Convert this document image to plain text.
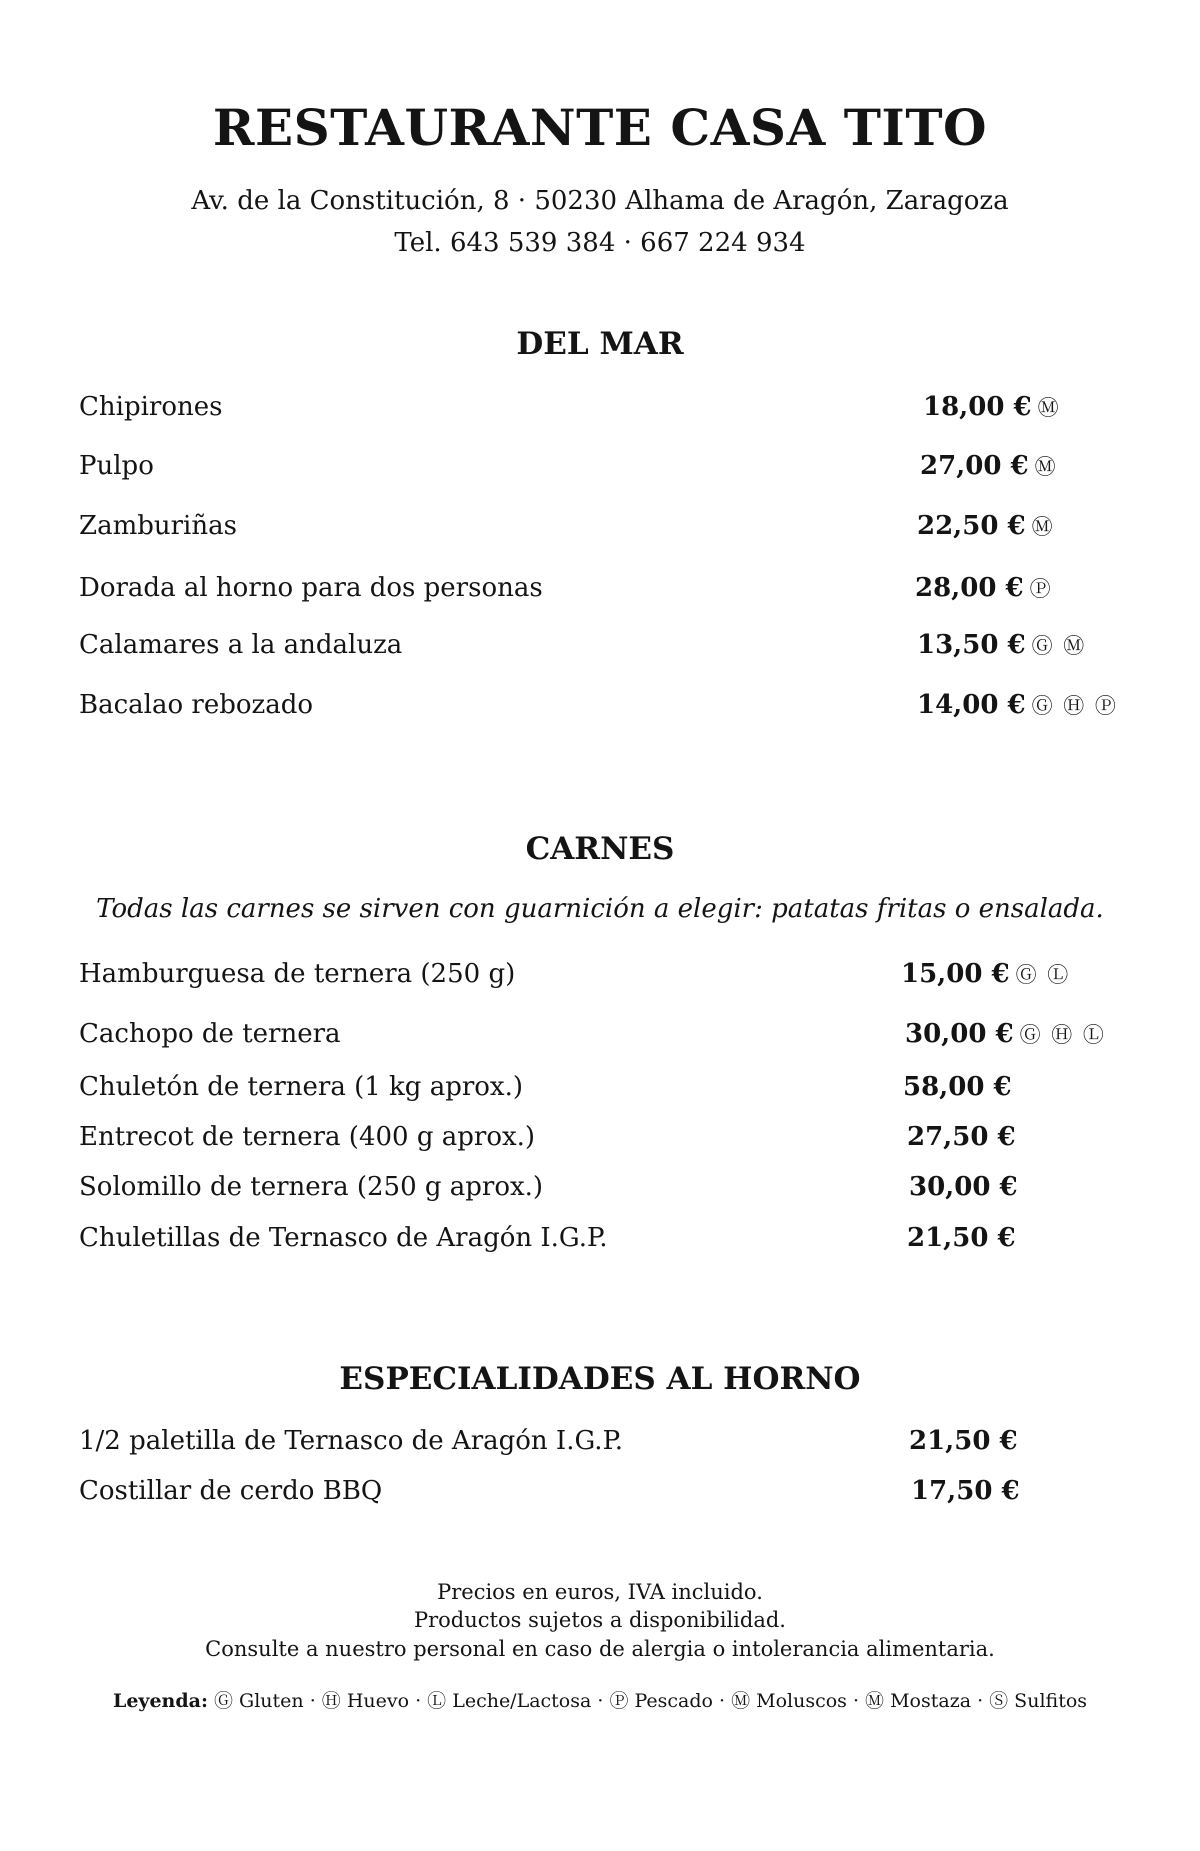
RESTAURANTE CASA TITO
Av. de la Constitución, 8 · 50230 Alhama de Aragón, Zaragoza
Tel. 643 539 384 · 667 224 934
DEL MAR
Chipirones	18,00 € Ⓜ
Pulpo	27,00 € Ⓜ
Zamburiñas	22,50 € Ⓜ
Dorada al horno para dos personas	28,00 € Ⓟ
Calamares a la andaluza	13,50 € Ⓖ Ⓜ
Bacalao rebozado	14,00 € Ⓖ Ⓗ Ⓟ
CARNES
Todas las carnes se sirven con guarnición a elegir: patatas fritas o ensalada.
Hamburguesa de ternera (250 g)	15,00 € Ⓖ Ⓛ
Cachopo de ternera	30,00 € Ⓖ Ⓗ Ⓛ
Chuletón de ternera (1 kg aprox.)	58,00 €
Entrecot de ternera (400 g aprox.)	27,50 €
Solomillo de ternera (250 g aprox.)	30,00 €
Chuletillas de Ternasco de Aragón I.G.P.	21,50 €
ESPECIALIDADES AL HORNO
1/2 paletilla de Ternasco de Aragón I.G.P.	21,50 €
Costillar de cerdo BBQ	17,50 €
Precios en euros, IVA incluido.
Productos sujetos a disponibilidad.
Consulte a nuestro personal en caso de alergia o intolerancia alimentaria.
Leyenda: Ⓖ Gluten · Ⓗ Huevo · Ⓛ Leche/Lactosa · Ⓟ Pescado · Ⓜ Moluscos · Ⓜ Mostaza · Ⓢ Sulfitos
